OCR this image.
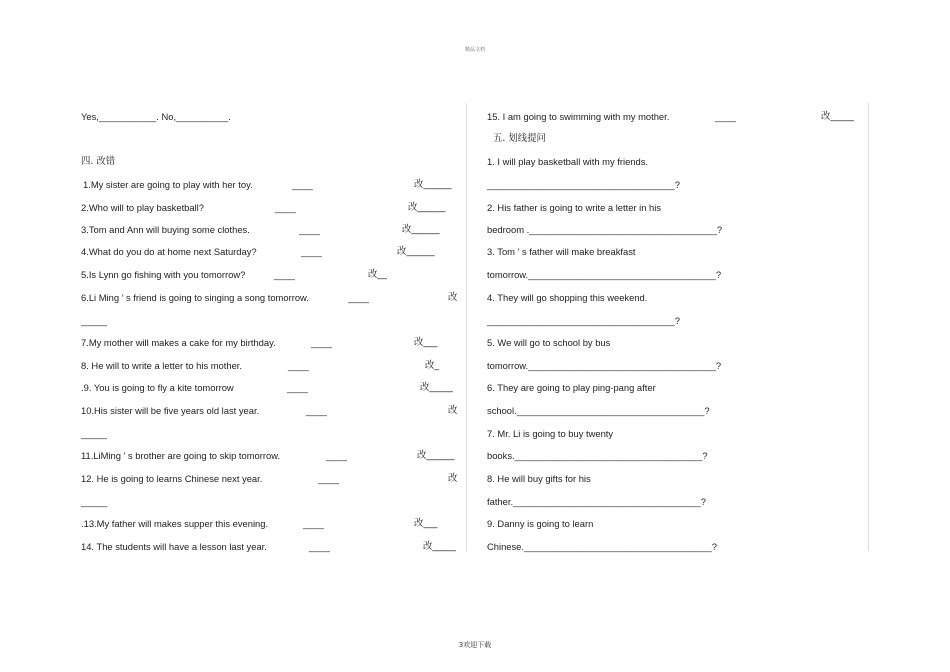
精品文档
Yes,___________. No,__________.
四. 改错
1.My sister are going to play with her toy.	____	改______
2.Who will to play basketball?	____	改______
3.Tom and Ann will buying some clothes.	____	改______
4.What do you do at home next Saturday?	____	改______
5.Is Lynn go fishing with you tomorrow?	____	改__
6.Li Ming ’ s friend is going to singing a song tomorrow.	____	改
_____
7.My mother will makes a cake for my birthday.	____	改___
8. He will to write a letter to his mother.	____	改_
.9. You is going to fly a kite tomorrow	____	改_____
10.His sister will be five years old last year.	____	改
_____
11.LiMing ’ s brother are going to skip tomorrow.	____	改______
12. He is going to learns Chinese next year.	____	改
_____
.13.My father will makes supper this evening.	____	改___
14. The students will have a lesson last year.	____	改_____
15. I am going to swimming with my mother.	____	改_____
五. 划线提问
1. I will play basketball with my friends.
____________________________________?
2. His father is going to write a letter in his
bedroom .____________________________________?
3. Tom ’ s father will make breakfast
tomorrow.____________________________________?
4. They will go shopping this weekend.
____________________________________?
5. We will go to school by bus
tomorrow.____________________________________?
6. They are going to play ping-pang after
school.____________________________________?
7. Mr. Li is going to buy twenty
books.____________________________________?
8. He will buy gifts for his
father.____________________________________?
9. Danny is going to learn
Chinese.____________________________________?
3欢迎下载
